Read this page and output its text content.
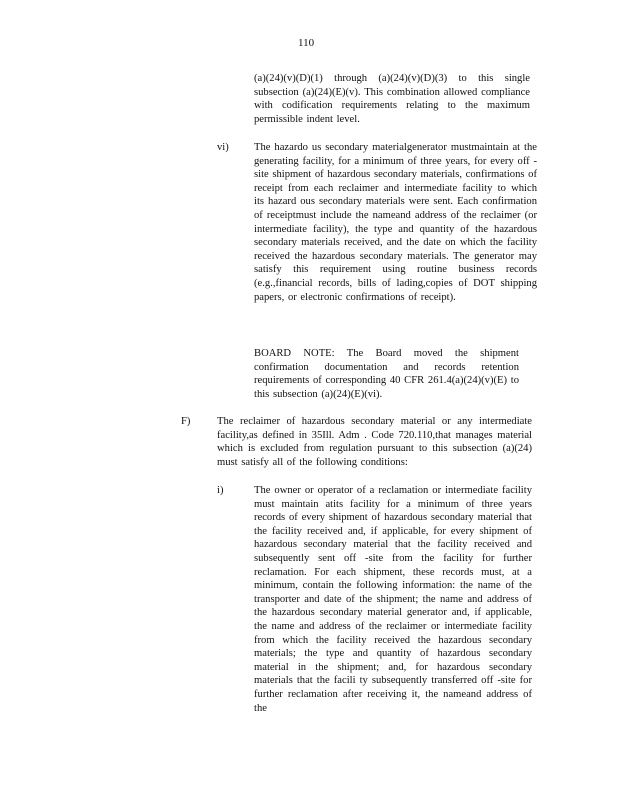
110
(a)(24)(v)(D)(1) through (a)(24)(v)(D)(3) to this single subsection (a)(24)(E)(v). This combination allowed compliance with codification requirements relating to the maximum permissible indent level.
vi) The hazardo us secondary materialgenerator mustmaintain at the generating facility, for a minimum of three years, for every off -site shipment of hazardous secondary materials, confirmations of receipt from each reclaimer and intermediate facility to which its hazard ous secondary materials were sent. Each confirmation of receiptmust include the nameand address of the reclaimer (or intermediate facility), the type and quantity of the hazardous secondary materials received, and the date on which the facility received the hazardous secondary materials. The generator may satisfy this requirement using routine business records (e.g.,financial records, bills of lading,copies of DOT shipping papers, or electronic confirmations of receipt).
BOARD NOTE: The Board moved the shipment confirmation documentation and records retention requirements of corresponding 40 CFR 261.4(a)(24)(v)(E) to this subsection (a)(24)(E)(vi).
F)	The reclaimer of hazardous secondary material or any intermediate facility,as defined in 35Ill. Adm . Code 720.110,that manages material which is excluded from regulation pursuant to this subsection (a)(24) must satisfy all of the following conditions:
i)	The owner or operator of a reclamation or intermediate facility must maintain atits facility for a minimum of three years records of every shipment of hazardous secondary material that the facility received and, if applicable, for every shipment of hazardous secondary material that the facility received and subsequently sent off -site from the facility for further reclamation. For each shipment, these records must, at a minimum, contain the following information: the name of the transporter and date of the shipment; the name and address of the hazardous secondary material generator and, if applicable, the name and address of the reclaimer or intermediate facility from which the facility received the hazardous secondary materials; the type and quantity of hazardous secondary material in the shipment; and, for hazardous secondary materials that the facili ty subsequently transferred off -site for further reclamation after receiving it, the nameand address of the
